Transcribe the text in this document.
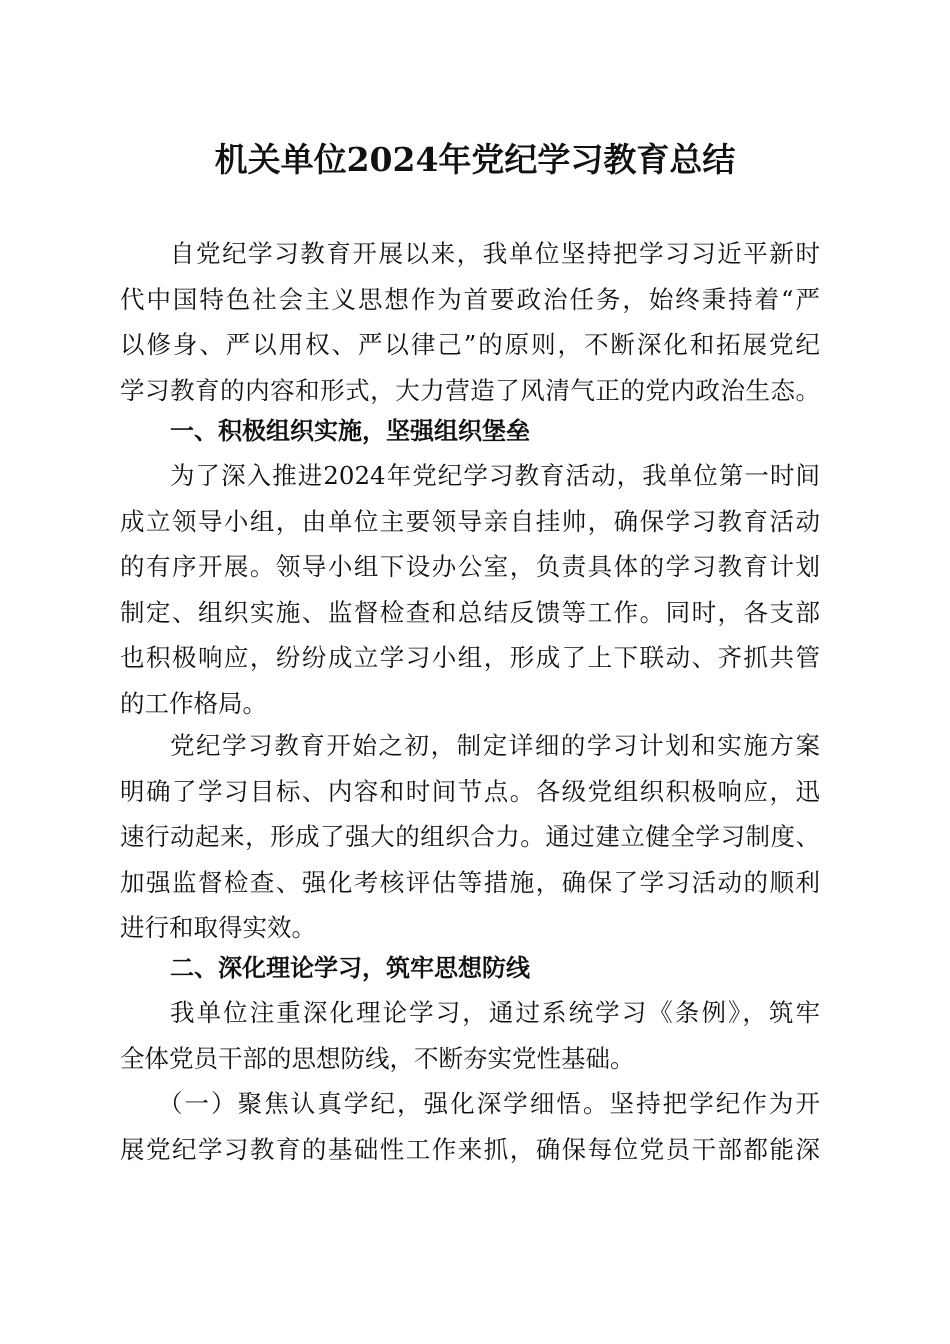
机关单位2024年党纪学习教育总结
自党纪学习教育开展以来，我单位坚持把学习习近平新时
代中国特色社会主义思想作为首要政治任务，始终秉持着“严
以修身、严以用权、严以律己”的原则，不断深化和拓展党纪
学习教育的内容和形式，大力营造了风清气正的党内政治生态。
一、积极组织实施，坚强组织堡垒
为了深入推进2024年党纪学习教育活动，我单位第一时间
成立领导小组，由单位主要领导亲自挂帅，确保学习教育活动
的有序开展。领导小组下设办公室，负责具体的学习教育计划
制定、组织实施、监督检查和总结反馈等工作。同时，各支部
也积极响应，纷纷成立学习小组，形成了上下联动、齐抓共管
的工作格局。
党纪学习教育开始之初，制定详细的学习计划和实施方案
明确了学习目标、内容和时间节点。各级党组织积极响应，迅
速行动起来，形成了强大的组织合力。通过建立健全学习制度、
加强监督检查、强化考核评估等措施，确保了学习活动的顺利
进行和取得实效。
二、深化理论学习，筑牢思想防线
我单位注重深化理论学习，通过系统学习《条例》，筑牢
全体党员干部的思想防线，不断夯实党性基础。
（一）聚焦认真学纪，强化深学细悟。坚持把学纪作为开
展党纪学习教育的基础性工作来抓，确保每位党员干部都能深
